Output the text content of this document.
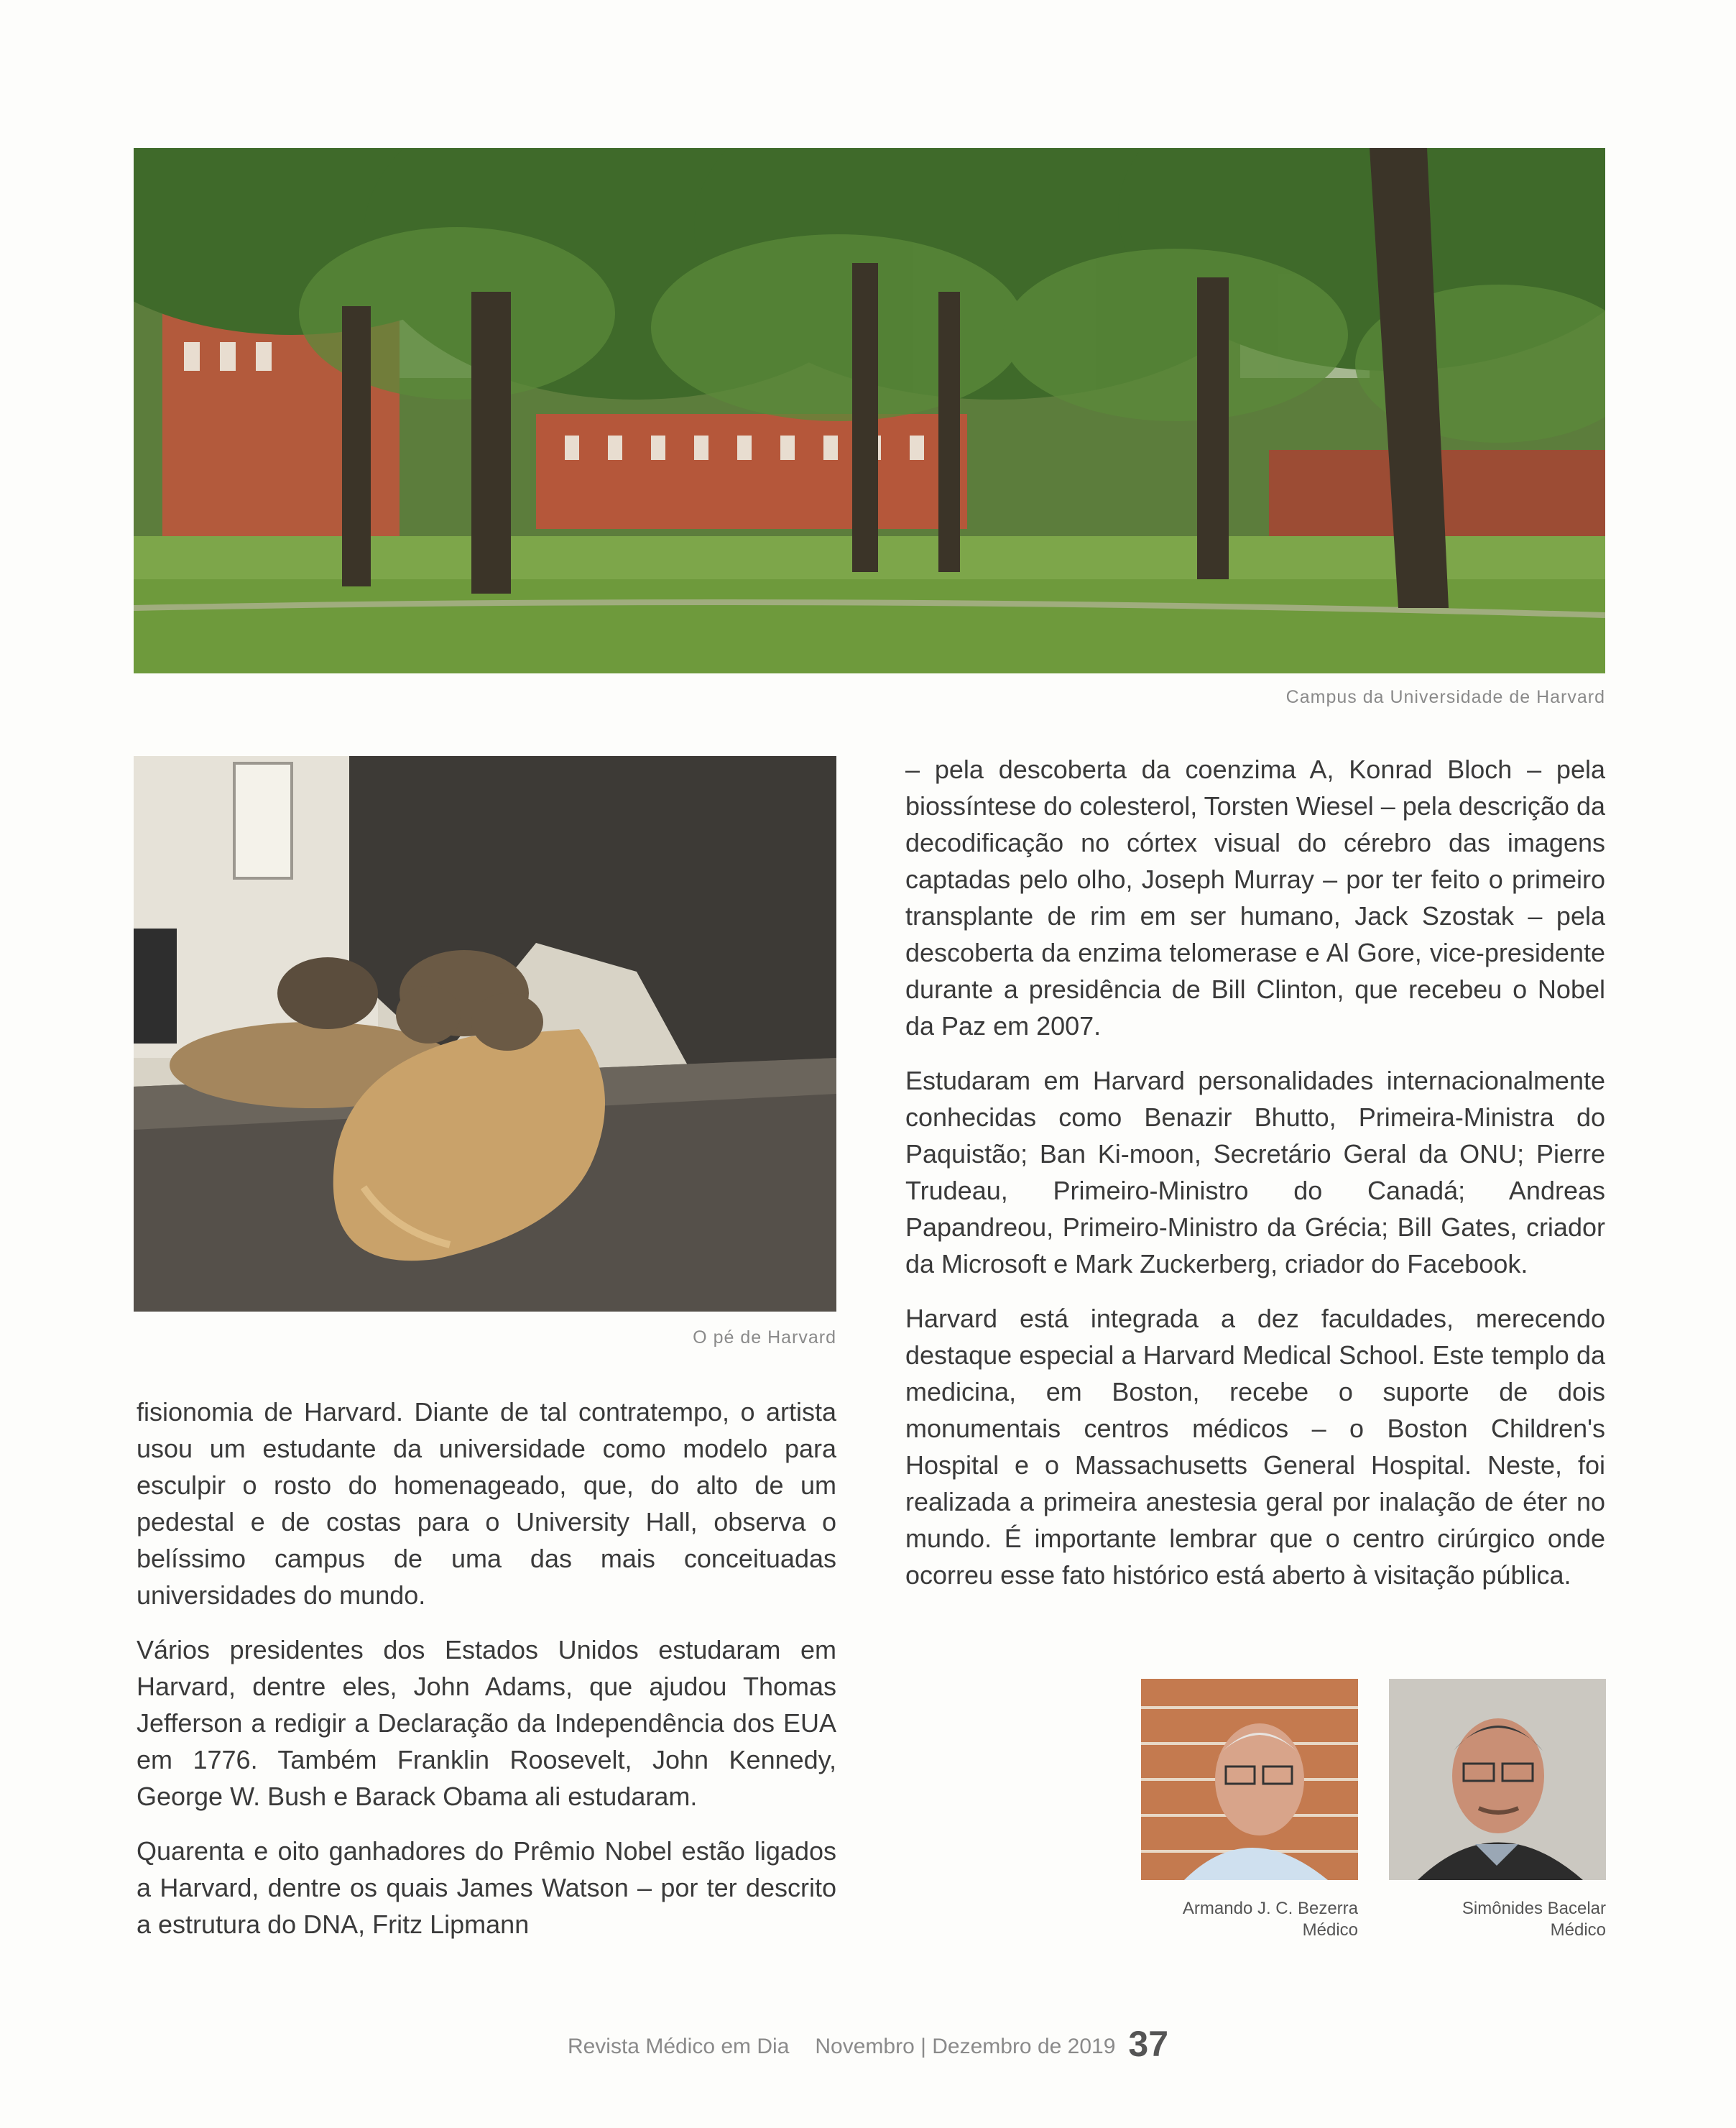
Campus da Universidade de Harvard
O pé de Harvard

fisionomia de Harvard. Diante de tal contratempo, o artista usou um estudante da universidade como modelo para esculpir o rosto do homenageado, que, do alto de um pedestal e de costas para o University Hall, observa o belíssimo campus de uma das mais conceituadas universidades do mundo.

Vários presidentes dos Estados Unidos estudaram em Harvard, dentre eles, John Adams, que ajudou Thomas Jefferson a redigir a Declaração da Independência dos EUA em 1776. Também Franklin Roosevelt, John Kennedy, George W. Bush e Barack Obama ali estudaram.

Quarenta e oito ganhadores do Prêmio Nobel estão ligados a Harvard, dentre os quais James Watson – por ter descrito a estrutura do DNA, Fritz Lipmann

– pela descoberta da coenzima A, Konrad Bloch – pela biossíntese do colesterol, Torsten Wiesel – pela descrição da decodificação no córtex visual do cérebro das imagens captadas pelo olho, Joseph Murray – por ter feito o primeiro transplante de rim em ser humano, Jack Szostak – pela descoberta da enzima telomerase e Al Gore, vice-presidente durante a presidência de Bill Clinton, que recebeu o Nobel da Paz em 2007.

Estudaram em Harvard personalidades internacionalmente conhecidas como Benazir Bhutto, Primeira-Ministra do Paquistão; Ban Ki-moon, Secretário Geral da ONU; Pierre Trudeau, Primeiro-Ministro do Canadá; Andreas Papandreou, Primeiro-Ministro da Grécia; Bill Gates, criador da Microsoft e Mark Zuckerberg, criador do Facebook.

Harvard está integrada a dez faculdades, merecendo destaque especial a Harvard Medical School. Este templo da medicina, em Boston, recebe o suporte de dois monumentais centros médicos – o Boston Children's Hospital e o Massachusetts General Hospital. Neste, foi realizada a primeira anestesia geral por inalação de éter no mundo. É importante lembrar que o centro cirúrgico onde ocorreu esse fato histórico está aberto à visitação pública.

Armando J. C. Bezerra
Médico
Simônides Bacelar
Médico
Revista Médico em Dia Novembro | Dezembro de 2019 37
